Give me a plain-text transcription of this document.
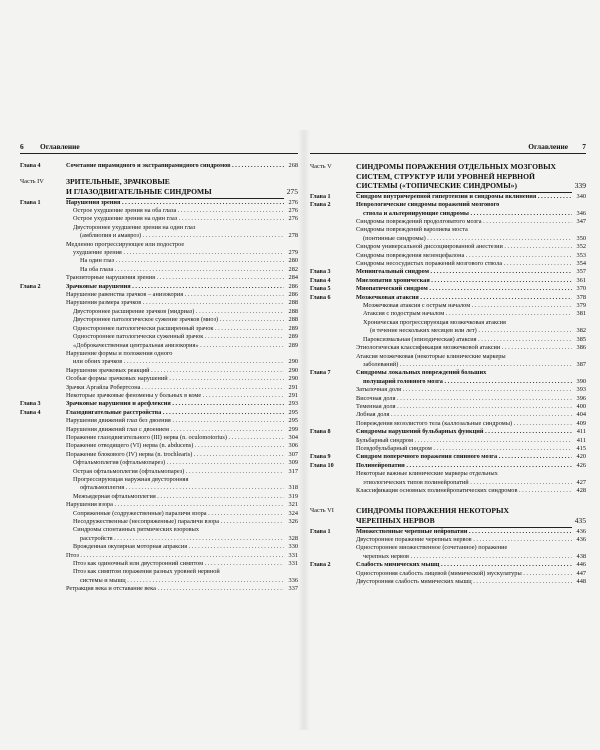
6 Оглавление
Глава 4	Сочетание пирамидного и экстрапирамидного синдромов . . .	268
Часть IV	ЗРИТЕЛЬНЫЕ, ЗРАЧКОВЫЕ
И ГЛАЗОДВИГАТЕЛЬНЫЕ СИНДРОМЫ	275
Глава 1	Нарушения зрения . . .	276
Острое ухудшение зрения на оба глаза . . .	276
Острое ухудшение зрения на один глаз . . .	276
Двустороннее ухудшение зрения на один глаз
(амблиопия и амавроз) . . .	278
Медленно прогрессирующее или подострое
ухудшение зрения . . .	279
На один глаз . . .	280
На оба глаза . . .	282
Транзиторные нарушения зрения . . .	284
Глава 2	Зрачковые нарушения . . .	286
Нарушение равенства зрачков – анизокория . . .	286
Нарушения размера зрачков . . .	288
Двустороннее расширение зрачков (мидриаз) . . .	288
Двустороннее патологическое сужение зрачков (миоз) . . .	288
Одностороннее патологически расширенный зрачок . . .	289
Одностороннее патологически суженный зрачок . . .	289
«Доброкачественная центральная анизокория» . . .	289
Нарушение формы и положения одного
или обоих зрачков . . .	290
Нарушения зрачковых реакций . . .	290
Особые формы зрачковых нарушений . . .	290
Зрачки Аргайла Робертсона . . .	291
Некоторые зрачковые феномены у больных в коме . . .	291
Глава 3	Зрачковые нарушения и арефлексия . . .	293
Глава 4	Глазодвигательные расстройства . . .	295
Нарушения движений глаз без двоения . . .	295
Нарушения движений глаз с двоением . . .	299
Поражение глазодвигательного (III) нерва (n. oculomotorius) . . .	304
Поражение отводящего (VI) нерва (n. abducens) . . .	306
Поражение блокового (IV) нерва (n. trochlearis) . . .	307
Офтальмоплегия (офтальмопарез) . . .	309
Острая офтальмоплегия (офтальмопарез) . . .	317
Прогрессирующая наружная двусторонняя
офтальмоплегия . . .	318
Межъядерная офтальмоплегия . . .	319
Нарушения взора . . .	321
Сопряженные (содружественные) параличи взора . . .	324
Несодружественные (несопряженные) параличи взора . . .	326
Синдромы спонтанных ритмических взоровых
расстройств . . .	328
Врожденная окулярная моторная апраксия . . .	330
Птоз . . .	331
Птоз как одиночный или двусторонний симптом . . .	331
Птоз как симптом поражения разных уровней нервной
системы и мышц . . .	336
Ретракция века и отставание века . . .	337
Оглавление 7
Часть V	СИНДРОМЫ ПОРАЖЕНИЯ ОТДЕЛЬНЫХ МОЗГОВЫХ
СИСТЕМ, СТРУКТУР ИЛИ УРОВНЕЙ НЕРВНОЙ
СИСТЕМЫ («ТОПИЧЕСКИЕ СИНДРОМЫ»)	339
Глава 1	Синдром внутричерепной гипертензии и синдромы вклинения . . .	340
Глава 2	Неврологические синдромы поражений мозгового
ствола и альтернирующие синдромы . . .	346
Синдромы повреждений продолговатого мозга . . .	347
Синдромы повреждений варолиева моста
(понтинные синдромы) . . .	350
Синдром универсальной диссоциированной анестезии . . .	352
Синдромы повреждения мезенцефалона . . .	353
Синдромы несосудистых поражений мозгового ствола . . .	354
Глава 3	Менингеальный синдром . . .	357
Глава 4	Миелопатия хроническая . . .	361
Глава 5	Миопатический синдром . . .	370
Глава 6	Мозжечковая атаксия . . .	378
Мозжечковая атаксия с острым началом . . .	379
Атаксия с подострым началом . . .	381
Хроническая прогрессирующая мозжечковая атаксия
(в течение нескольких месяцев или лет) . . .	382
Пароксизмальная (эпизодическая) атаксия . . .	385
Этиологическая классификация мозжечковой атаксии . . .	386
Атаксия мозжечковая (некоторые клинические маркеры
заболеваний) . . .	387
Глава 7	Синдромы локальных повреждений больших
полушарий головного мозга . . .	390
Затылочная доля . . .	393
Височная доля . . .	396
Теменная доля . . .	400
Лобная доля . . .	404
Повреждения мозолистого тела (каллозальные синдромы) . . .	409
Глава 8	Синдромы нарушений бульбарных функций . . .	411
Бульбарный синдром . . .	411
Псевдобульбарный синдром . . .	415
Глава 9	Синдром поперечного поражения спинного мозга . . .	420
Глава 10	Полинейропатии . . .	426
Некоторые важные клинические маркеры отдельных
этиологических типов полинейропатий . . .	427
Классификация основных полинейропатических синдромов . . .	428
Часть VI	СИНДРОМЫ ПОРАЖЕНИЯ НЕКОТОРЫХ
ЧЕРЕПНЫХ НЕРВОВ	435
Глава 1	Множественные черепные нейропатии . . .	436
Двустороннее поражение черепных нервов . . .	436
Одностороннее множественное (сочетанное) поражение
черепных нервов . . .	438
Глава 2	Слабость мимических мышц . . .	446
Односторонняя слабость лицевой (мимической) мускулатуры . . .	447
Двусторонняя слабость мимических мышц . . .	448
